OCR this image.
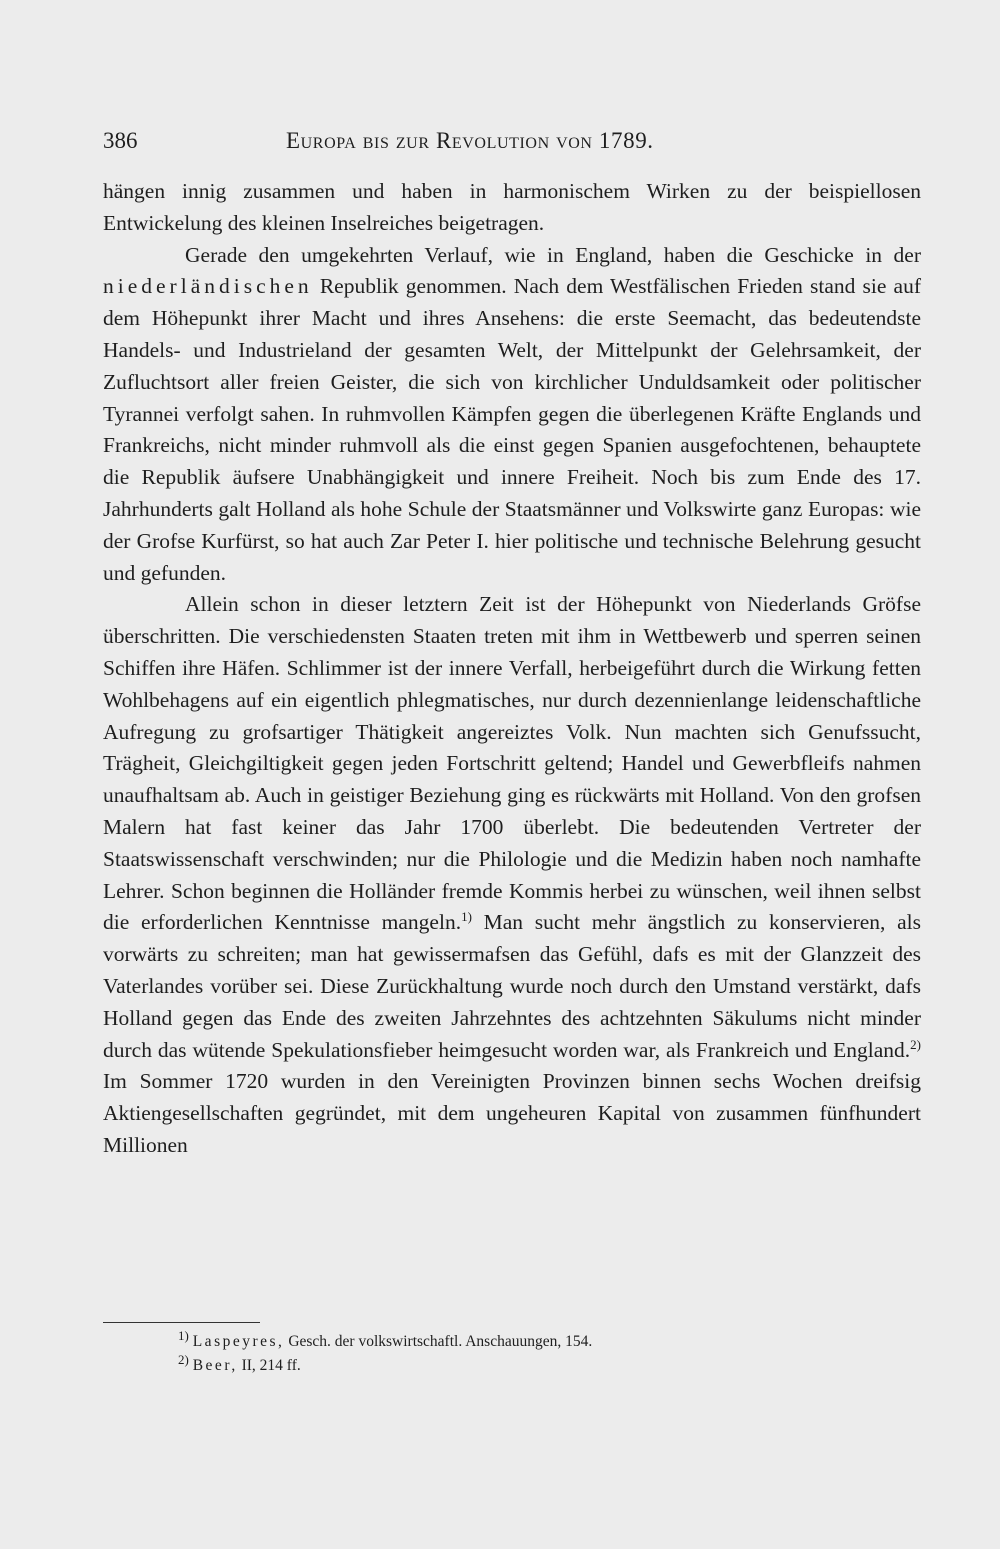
386	Europa bis zur Revolution von 1789.

hängen innig zusammen und haben in harmonischem Wirken zu der beispiellosen Entwickelung des kleinen Inselreiches beigetragen.

Gerade den umgekehrten Verlauf, wie in England, haben die Geschicke in der niederländischen Republik genommen. Nach dem Westfälischen Frieden stand sie auf dem Höhepunkt ihrer Macht und ihres Ansehens: die erste Seemacht, das bedeutendste Handels- und Industrieland der gesamten Welt, der Mittelpunkt der Gelehrsamkeit, der Zufluchtsort aller freien Geister, die sich von kirchlicher Unduldsamkeit oder politischer Tyrannei verfolgt sahen. In ruhmvollen Kämpfen gegen die überlegenen Kräfte Englands und Frankreichs, nicht minder ruhmvoll als die einst gegen Spanien ausgefochtenen, behauptete die Republik äufsere Unabhängigkeit und innere Freiheit. Noch bis zum Ende des 17. Jahrhunderts galt Holland als hohe Schule der Staatsmänner und Volkswirte ganz Europas: wie der Grofse Kurfürst, so hat auch Zar Peter I. hier politische und technische Belehrung gesucht und gefunden.

Allein schon in dieser letztern Zeit ist der Höhepunkt von Niederlands Gröfse überschritten. Die verschiedensten Staaten treten mit ihm in Wettbewerb und sperren seinen Schiffen ihre Häfen. Schlimmer ist der innere Verfall, herbeigeführt durch die Wirkung fetten Wohlbehagens auf ein eigentlich phlegmatisches, nur durch dezennienlange leidenschaftliche Aufregung zu grofsartiger Thätigkeit angereiztes Volk. Nun machten sich Genufssucht, Trägheit, Gleichgiltigkeit gegen jeden Fortschritt geltend; Handel und Gewerbfleifs nahmen unaufhaltsam ab. Auch in geistiger Beziehung ging es rückwärts mit Holland. Von den grofsen Malern hat fast keiner das Jahr 1700 überlebt. Die bedeutenden Vertreter der Staatswissenschaft verschwinden; nur die Philologie und die Medizin haben noch namhafte Lehrer. Schon beginnen die Holländer fremde Kommis herbei zu wünschen, weil ihnen selbst die erforderlichen Kenntnisse mangeln.$^{1)}$ Man sucht mehr ängstlich zu konservieren, als vorwärts zu schreiten; man hat gewissermafsen das Gefühl, dafs es mit der Glanzzeit des Vaterlandes vorüber sei. Diese Zurückhaltung wurde noch durch den Umstand verstärkt, dafs Holland gegen das Ende des zweiten Jahrzehntes des achtzehnten Säkulums nicht minder durch das wütende Spekulationsfieber heimgesucht worden war, als Frankreich und England.$^{2)}$ Im Sommer 1720 wurden in den Vereinigten Provinzen binnen sechs Wochen dreifsig Aktiengesellschaften gegründet, mit dem ungeheuren Kapital von zusammen fünfhundert Millionen

$^{1)}$ Laspeyres, Gesch. der volkswirtschaftl. Anschauungen, 154.
$^{2)}$ Beer, II, 214 ff.
